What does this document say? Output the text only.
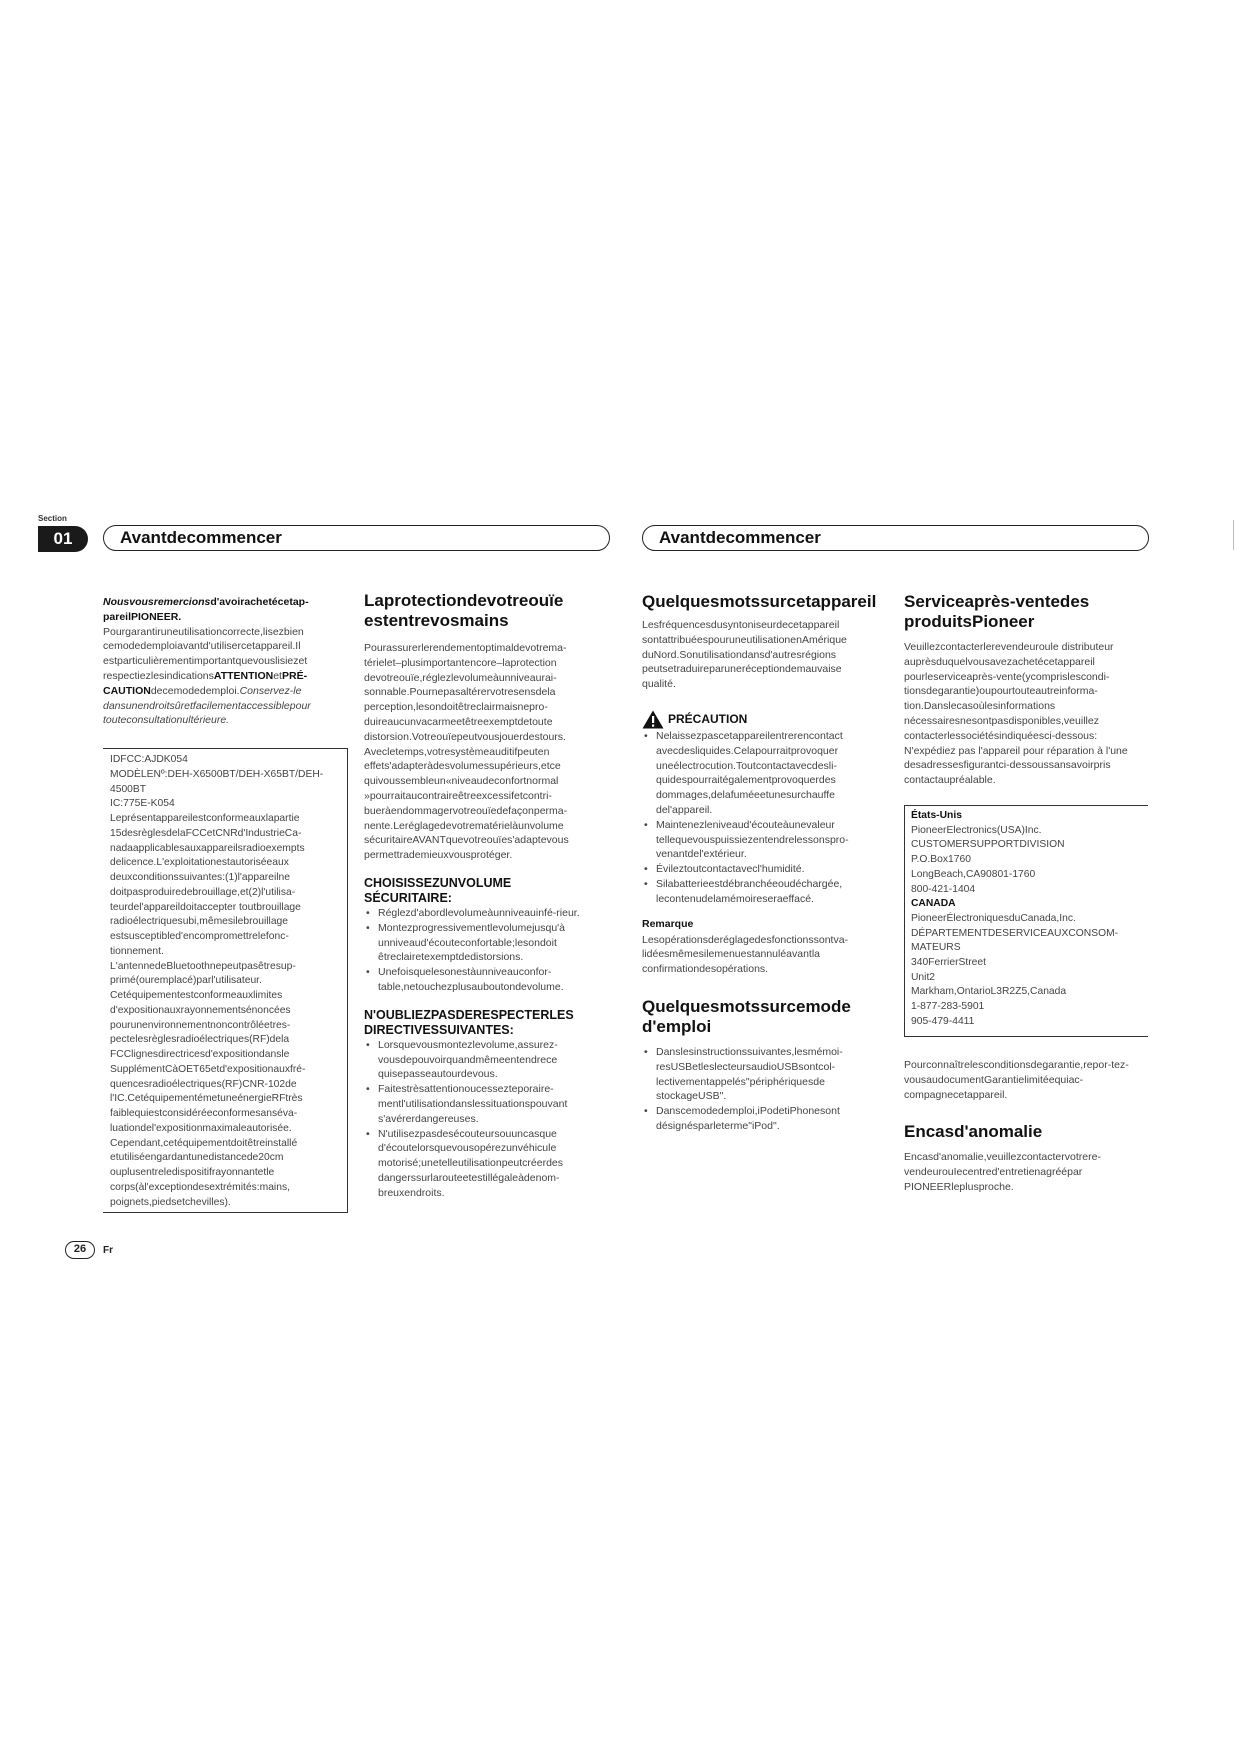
Section
01	Avantdecommencer	Avantdecommencer

Nousvousremercionsd'avoirachetécetap-pareilPIONEER.

Pourgarantiruneutilisationcorrecte,lisezbien cemodedemploiavantd'utilisercetappareil.Il estparticulièrementimportantquevouslisiezet respectiezlesindicationsATTENTIONetPRÉ-CAUTIONdecemodedemploi.Conservez-le dansunendroitsûretfacilementaccessiblepour touteconsultationultérieure.

IDFCC:AJDK054

MODÈLENº:DEH-X6500BT/DEH-X65BT/DEH-4500BT

IC:775E-K054

Leprésentappareilestconformeauxlapartie 15desrèglesdelaFCCetCNRd'IndustrieCa-nadaapplicablesauxappareilsradioexempts delicence.L'exploitationestautoriséeaux deuxconditionssuivantes:(1)l'appareilne doitpasproduiredebrouillage,et(2)l'utilisa-teurdel'appareildoitaccepter toutbrouillage radioélectriquesubi,mêmesilebrouillage estsusceptibled'encompromettrelefonc-tionnement.

L'antennedeBluetoothnepeutpasêtresup-primé(ouremplacé)parl'utilisateur.

Cetéquipementestconformeauxlimites d'expositionauxrayonnementsénoncées pourunenvironnementnoncontrôléetres-pectelesrèglesradioélectriques(RF)dela FCClignesdirectricesd'expositiondansle SupplémentCàOET65etd'expositionauxfré-quencesradioélectriques(RF)CNR-102de l'IC.CetéquipementémetuneénergieRFtrès faiblequiestconsidéréeconformesanséva-luationdel'expositionmaximaleautorisée. Cependant,cetéquipementdoitêtreinstallé etutiliséengardantunedistancede20cm ouplusentreledispositifrayonnantetle corps(àl'exceptiondesextrémités:mains, poignets,piedsetchevilles).

Laprotectiondevotreouïe estentrevosmains

Pourassurerlerendementoptimaldevotrema-térielet–plusimportantencore–laprotection devotreouïe,réglezlevolumeàunniveaurai-sonnable.Pournepasaltérervotresensdela perception,lesondoitêtreclairmaisnepro-duireaucunvacarmeetêtreexemptdetoute distorsion.Votreouïepeutvousjouerdestours. Avecletemps,votresystèmeauditifpeuten effets'adapteràdesvolumessupérieurs,etce quivoussembleun«niveaudeconfortnormal »pourraitaucontraireêtreexcessifetcontri-bueràendommagervotreouïedefaçonperma-nente.Leréglagedevotrematérielàunvolume sécuritaireAVANTquevotreouïes'adaptevous permettrademieuxvousprotéger.

CHOISISSEZUNVOLUME SÉCURITAIRE:
• Réglezd'abordlevolumeàunniveauinfé-rieur.
• Montezprogressivementlevolumejusqu'à unniveaud'écouteconfortable;lesondoit êtreclairetexemptdedistorsions.
• Unefoisquelesonestàunniveauconfor-table,netouchezplusauboutondevolume.
N'OUBLIEZPASDERESPECTERLES DIRECTIVESSUIVANTES:
• Lorsquevousmontezlevolume,assurez-vousdepouvoirquandmêmeentendrece quisepasseautourdevous.
• Faitestrèsattentionoucessezteporaire-mentl'utilisationdanslessituationspouvant s'avérerdangereuses.
• N'utilisezpasdesécouteursouuncasque d'écoutelorsquevousopérezunvéhicule motorisé;unetelleutilisationpeutcréerdes dangerssurlarouteetestillégaleàdenom-breuxendroits.
Quelquesmotssurcetappareil

Lesfréquencesdusyntoniseurdecetappareil sontattribuéespouruneutilisationenAmérique duNord.Sonutilisationdansd'autresrégions peutsetraduireparuneréceptiondemauvaise qualité.

PRÉCAUTION
• Nelaissezpascetappareilentrerencontact avecdesliquides.Celapourraitprovoquer uneélectrocution.Toutcontactavecdesli-quidespourraitégalementprovoquerdes dommages,delafuméeetunesurchauffe del'appareil.
• Maintenezleniveaud'écouteàunevaleur tellequevouspuissiezentendrelessonspro-venantdel'extérieur.
• Évileztoutcontactavecl'humidité.
• Silabatterieestdébranchéeoudéchargée, lecontenudelamémoireseraeffacé.
Remarque

Lesopérationsderéglagedesfonctionssontva-lidéesmêmesilemenuestannuléavantla confirmationdesopérations.

Quelquesmotssurcemode d'emploi
• Danslesinstructionssuivantes,lesmémoi-resUSBetleslecteursaudioUSBsontcol-lectivementappelés"périphériquesde stockageUSB".
• Danscemodedemploi,iPodetiPhonesont désignésparleterme"iPod".
Serviceaprès-ventedes produitsPioneer

Veuillezcontacterlerevendeuroule distributeur auprèsduquelvousavezachetécetappareil pourleserviceaprès-vente(ycomprislescondi-tionsdegarantie)oupourtouteautreinforma-tion.Danslecasoùlesinformations nécessairesnesontpasdisponibles,veuillez contacterlessociétésindiquéesci-dessous:

N'expédiez pas l'appareil pour réparation à l'une desadressesfigurantci-dessoussansavoirpris contactaupréalable.

États-Unis

PioneerElectronics(USA)Inc.

CUSTOMERSUPPORTDIVISION

P.O.Box1760

LongBeach,CA90801-1760

800-421-1404

CANADA

PioneerÉlectroniquesduCanada,Inc.

DÉPARTEMENTDESERVICEAUXCONSOM-MATEURS

340FerrierStreet

Unit2

Markham,OntarioL3R2Z5,Canada

1-877-283-5901

905-479-4411

Pourconnaîtrelesconditionsdegarantie,repor-tez-vousaudocumentGarantielimitéequiac-compagnecetappareil.

Encasd'anomalie

Encasd'anomalie,veuillezcontactervotrere-vendeurouIecentred'entretienagréépar PIONEERleplusproche.

26	Fr
